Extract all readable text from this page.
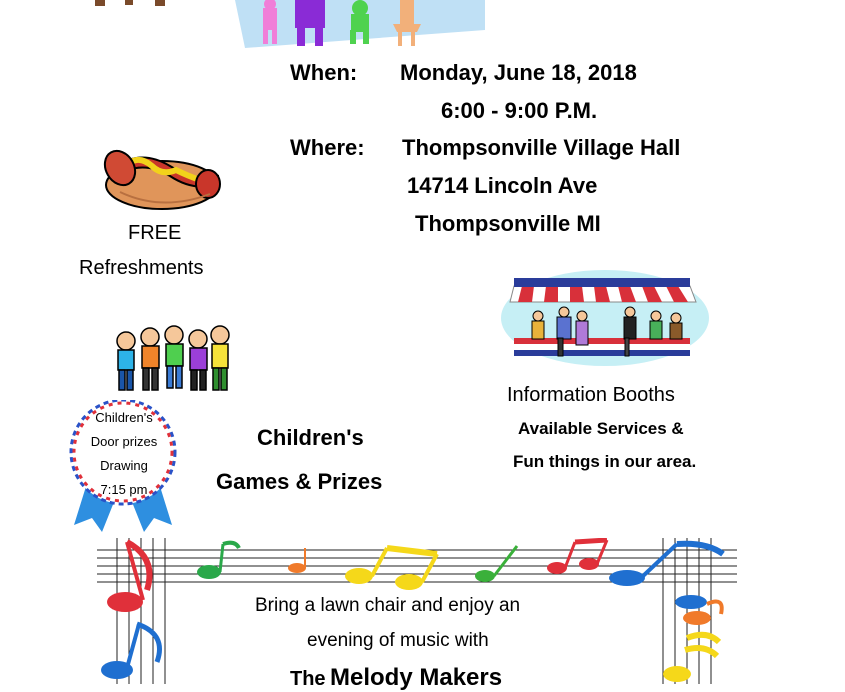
When: Monday, June 18, 2018
6:00 - 9:00 P.M.
Where: Thompsonville Village Hall
14714 Lincoln Ave
Thompsonville MI
FREE
Refreshments
Children's
Door prizes
Drawing
7:15 pm
Children's
Games & Prizes
Information Booths
Available Services &
Fun things in our area.
Bring a lawn chair and enjoy an
evening of music with
The Melody Makers
